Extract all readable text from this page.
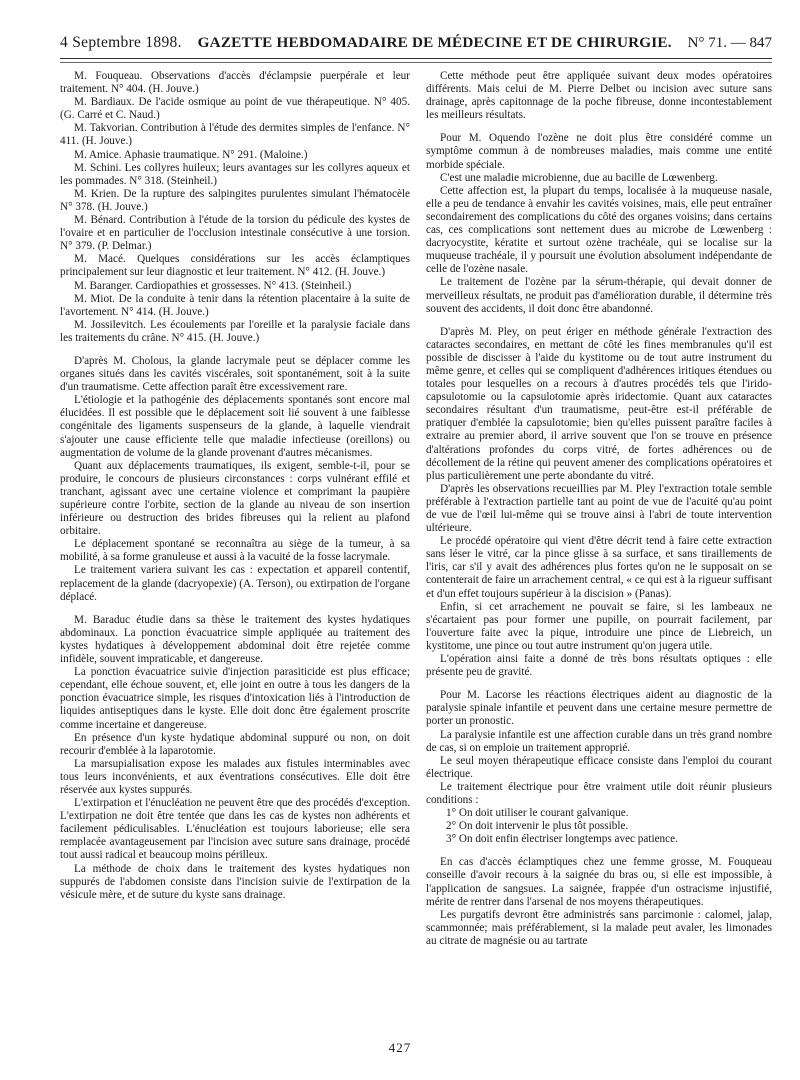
4 Septembre 1898. GAZETTE HEBDOMADAIRE DE MÉDECINE ET DE CHIRURGIE. N° 71. — 847

M. Fouqueau. Observations d'accès d'éclampsie puerpérale et leur traitement. N° 404. (H. Jouve.)

M. Bardiaux. De l'acide osmique au point de vue thérapeutique. N° 405. (G. Carré et C. Naud.)

M. Takvorian. Contribution à l'étude des dermites simples de l'enfance. N° 411. (H. Jouve.)

M. Amice. Aphasie traumatique. N° 291. (Maloine.)

M. Schini. Les collyres huileux; leurs avantages sur les collyres aqueux et les pommades. N° 318. (Steinheil.)

M. Krien. De la rupture des salpingites purulentes simulant l'hématocèle N° 378. (H. Jouve.)

M. Bénard. Contribution à l'étude de la torsion du pédicule des kystes de l'ovaire et en particulier de l'occlusion intestinale consécutive à une torsion. N° 379. (P. Delmar.)

M. Macé. Quelques considérations sur les accès éclamptiques principalement sur leur diagnostic et leur traitement. N° 412. (H. Jouve.)

M. Baranger. Cardiopathies et grossesses. N° 413. (Steinheil.)

M. Miot. De la conduite à tenir dans la rétention placentaire à la suite de l'avortement. N° 414. (H. Jouve.)

M. Jossilevitch. Les écoulements par l'oreille et la paralysie faciale dans les traitements du crâne. N° 415. (H. Jouve.)

D'après M. Cholous, la glande lacrymale peut se déplacer comme les organes situés dans les cavités viscérales, soit spontanément, soit à la suite d'un traumatisme. Cette affection paraît être excessivement rare.

L'étiologie et la pathogénie des déplacements spontanés sont encore mal élucidées. Il est possible que le déplacement soit lié souvent à une faiblesse congénitale des ligaments suspenseurs de la glande, à laquelle viendrait s'ajouter une cause efficiente telle que maladie infectieuse (oreillons) ou augmentation de volume de la glande provenant d'autres mécanismes.

Quant aux déplacements traumatiques, ils exigent, semble-t-il, pour se produire, le concours de plusieurs circonstances : corps vulnérant effilé et tranchant, agissant avec une certaine violence et comprimant la paupière supérieure contre l'orbite, section de la glande au niveau de son insertion inférieure ou destruction des brides fibreuses qui la relient au plafond orbitaire.

Le déplacement spontané se reconnaîtra au siège de la tumeur, à sa mobilité, à sa forme granuleuse et aussi à la vacuité de la fosse lacrymale.

Le traitement variera suivant les cas : expectation et appareil contentif, replacement de la glande (dacryopexie) (A. Terson), ou extirpation de l'organe déplacé.

M. Baraduc étudie dans sa thèse le traitement des kystes hydatiques abdominaux. La ponction évacuatrice simple appliquée au traitement des kystes hydatiques à développement abdominal doit être rejetée comme infidèle, souvent impraticable, et dangereuse.

La ponction évacuatrice suivie d'injection parasiticide est plus efficace; cependant, elle échoue souvent, et, elle joint en outre à tous les dangers de la ponction évacuatrice simple, les risques d'intoxication liés à l'introduction de liquides antiseptiques dans le kyste. Elle doit donc être également proscrite comme incertaine et dangereuse.

En présence d'un kyste hydatique abdominal suppuré ou non, on doit recourir d'emblée à la laparotomie.

La marsupialisation expose les malades aux fistules interminables avec tous leurs inconvénients, et aux éventrations consécutives. Elle doit être réservée aux kystes suppurés.

L'extirpation et l'énucléation ne peuvent être que des procédés d'exception. L'extirpation ne doit être tentée que dans les cas de kystes non adhérents et facilement pédiculisables. L'énucléation est toujours laborieuse; elle sera remplacée avantageusement par l'incision avec suture sans drainage, procédé tout aussi radical et beaucoup moins périlleux.

La méthode de choix dans le traitement des kystes hydatiques non suppurés de l'abdomen consiste dans l'incision suivie de l'extirpation de la vésicule mère, et de suture du kyste sans drainage.

Cette méthode peut être appliquée suivant deux modes opératoires différents. Mais celui de M. Pierre Delbet ou incision avec suture sans drainage, après capitonnage de la poche fibreuse, donne incontestablement les meilleurs résultats.

Pour M. Oquendo l'ozène ne doit plus être considéré comme un symptôme commun à de nombreuses maladies, mais comme une entité morbide spéciale.

C'est une maladie microbienne, due au bacille de Lœwenberg.

Cette affection est, la plupart du temps, localisée à la muqueuse nasale, elle a peu de tendance à envahir les cavités voisines, mais, elle peut entraîner secondairement des complications du côté des organes voisins; dans certains cas, ces complications sont nettement dues au microbe de Lœwenberg : dacryocystite, kératite et surtout ozène trachéale, qui se localise sur la muqueuse trachéale, il y poursuit une évolution absolument indépendante de celle de l'ozène nasale.

Le traitement de l'ozène par la sérum-thérapie, qui devait donner de merveilleux résultats, ne produit pas d'amélioration durable, il détermine très souvent des accidents, il doit donc être abandonné.

D'après M. Pley, on peut ériger en méthode générale l'extraction des cataractes secondaires, en mettant de côté les fines membranules qu'il est possible de discisser à l'aide du kystitome ou de tout autre instrument du même genre, et celles qui se compliquent d'adhérences iritiques étendues ou totales pour lesquelles on a recours à d'autres procédés tels que l'irido-capsulotomie ou la capsulotomie après iridectomie. Quant aux cataractes secondaires résultant d'un traumatisme, peut-être est-il préférable de pratiquer d'emblée la capsulotomie; bien qu'elles puissent paraître faciles à extraire au premier abord, il arrive souvent que l'on se trouve en présence d'altérations profondes du corps vitré, de fortes adhérences ou de décollement de la rétine qui peuvent amener des complications opératoires et plus particulièrement une perte abondante du vitré.

D'après les observations recueillies par M. Pley l'extraction totale semble préférable à l'extraction partielle tant au point de vue de l'acuité qu'au point de vue de l'œil lui-même qui se trouve ainsi à l'abri de toute intervention ultérieure.

Le procédé opératoire qui vient d'être décrit tend à faire cette extraction sans léser le vitré, car la pince glisse à sa surface, et sans tiraillements de l'iris, car s'il y avait des adhérences plus fortes qu'on ne le supposait on se contenterait de faire un arrachement central, « ce qui est à la rigueur suffisant et d'un effet toujours supérieur à la discision » (Panas).

Enfin, si cet arrachement ne pouvait se faire, si les lambeaux ne s'écartaient pas pour former une pupille, on pourrait facilement, par l'ouverture faite avec la pique, introduire une pince de Liebreich, un kystitome, une pince ou tout autre instrument qu'on jugera utile.

L'opération ainsi faite a donné de très bons résultats optiques : elle présente peu de gravité.

Pour M. Lacorse les réactions électriques aident au diagnostic de la paralysie spinale infantile et peuvent dans une certaine mesure permettre de porter un pronostic.

La paralysie infantile est une affection curable dans un très grand nombre de cas, si on emploie un traitement approprié.

Le seul moyen thérapeutique efficace consiste dans l'emploi du courant électrique.

Le traitement électrique pour être vraiment utile doit réunir plusieurs conditions :

1° On doit utiliser le courant galvanique.

2° On doit intervenir le plus tôt possible.

3° On doit enfin électriser longtemps avec patience.

En cas d'accès éclamptiques chez une femme grosse, M. Fouqueau conseille d'avoir recours à la saignée du bras ou, si elle est impossible, à l'application de sangsues. La saignée, frappée d'un ostracisme injustifié, mérite de rentrer dans l'arsenal de nos moyens thérapeutiques.

Les purgatifs devront être administrés sans parcimonie : calomel, jalap, scammonnée; mais préférablement, si la malade peut avaler, les limonades au citrate de magnésie ou au tartrate

427
